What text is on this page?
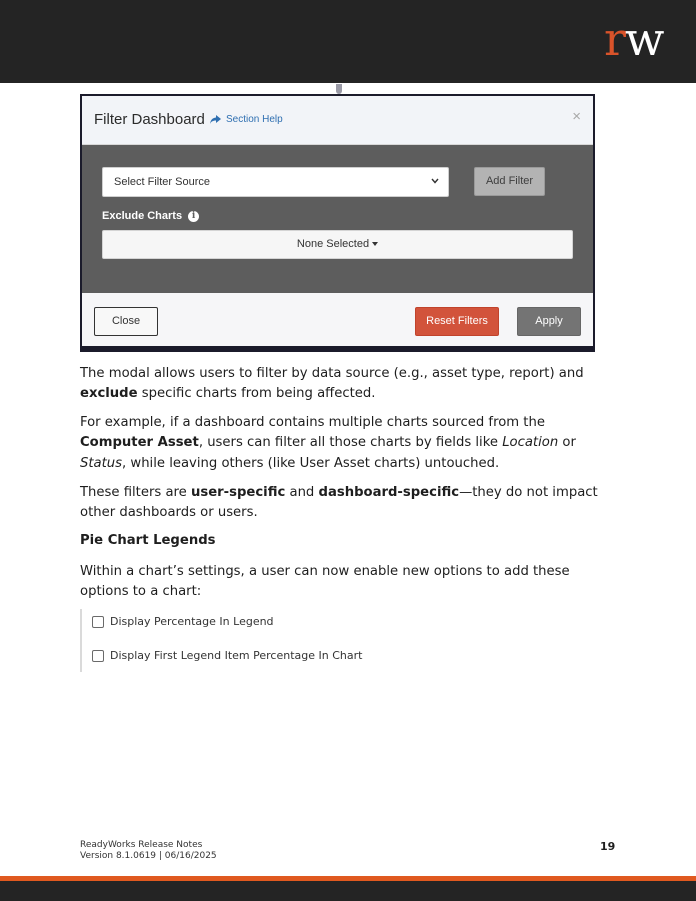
rw
Filter Dashboard Section Help	×
Select Filter Source	Add Filter
Exclude Charts	i
None Selected
Close	Reset Filters	Apply
The modal allows users to filter by data source (e.g., asset type, report) and exclude specific charts from being affected.
For example, if a dashboard contains multiple charts sourced from the Computer Asset, users can filter all those charts by fields like Location or Status, while leaving others (like User Asset charts) untouched.
These filters are user-specific and dashboard-specific—they do not impact other dashboards or users.
Pie Chart Legends
Within a chart’s settings, a user can now enable new options to add these options to a chart:
Display Percentage In Legend
Display First Legend Item Percentage In Chart
ReadyWorks Release Notes
Version 8.1.0619 | 06/16/2025
19
